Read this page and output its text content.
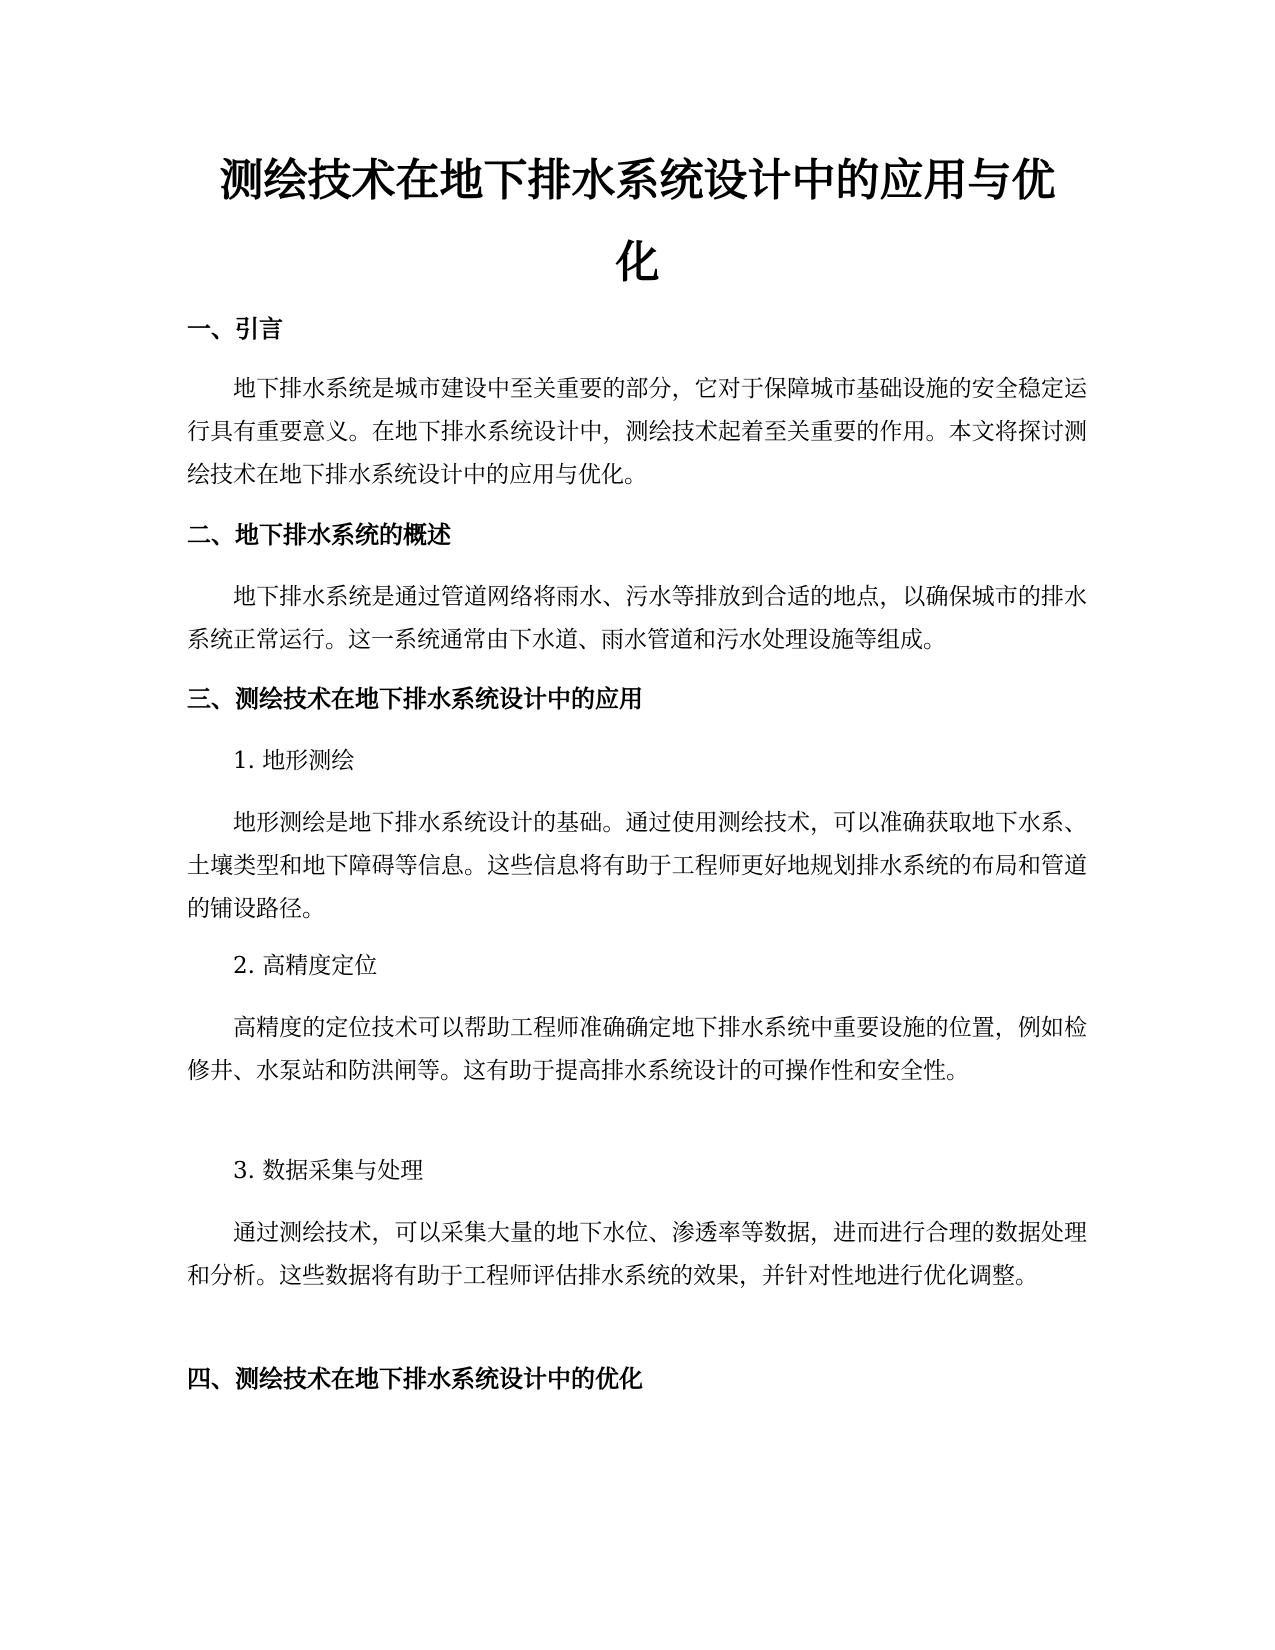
测绘技术在地下排水系统设计中的应用与优
化
一、引言

地下排水系统是城市建设中至关重要的部分，它对于保障城市基础设施的安全稳定运行具有重要意义。在地下排水系统设计中，测绘技术起着至关重要的作用。本文将探讨测绘技术在地下排水系统设计中的应用与优化。

二、地下排水系统的概述

地下排水系统是通过管道网络将雨水、污水等排放到合适的地点，以确保城市的排水系统正常运行。这一系统通常由下水道、雨水管道和污水处理设施等组成。

三、测绘技术在地下排水系统设计中的应用
1. 地形测绘

地形测绘是地下排水系统设计的基础。通过使用测绘技术，可以准确获取地下水系、土壤类型和地下障碍等信息。这些信息将有助于工程师更好地规划排水系统的布局和管道的铺设路径。

2. 高精度定位

高精度的定位技术可以帮助工程师准确确定地下排水系统中重要设施的位置，例如检修井、水泵站和防洪闸等。这有助于提高排水系统设计的可操作性和安全性。

3. 数据采集与处理

通过测绘技术，可以采集大量的地下水位、渗透率等数据，进而进行合理的数据处理和分析。这些数据将有助于工程师评估排水系统的效果，并针对性地进行优化调整。

四、测绘技术在地下排水系统设计中的优化
